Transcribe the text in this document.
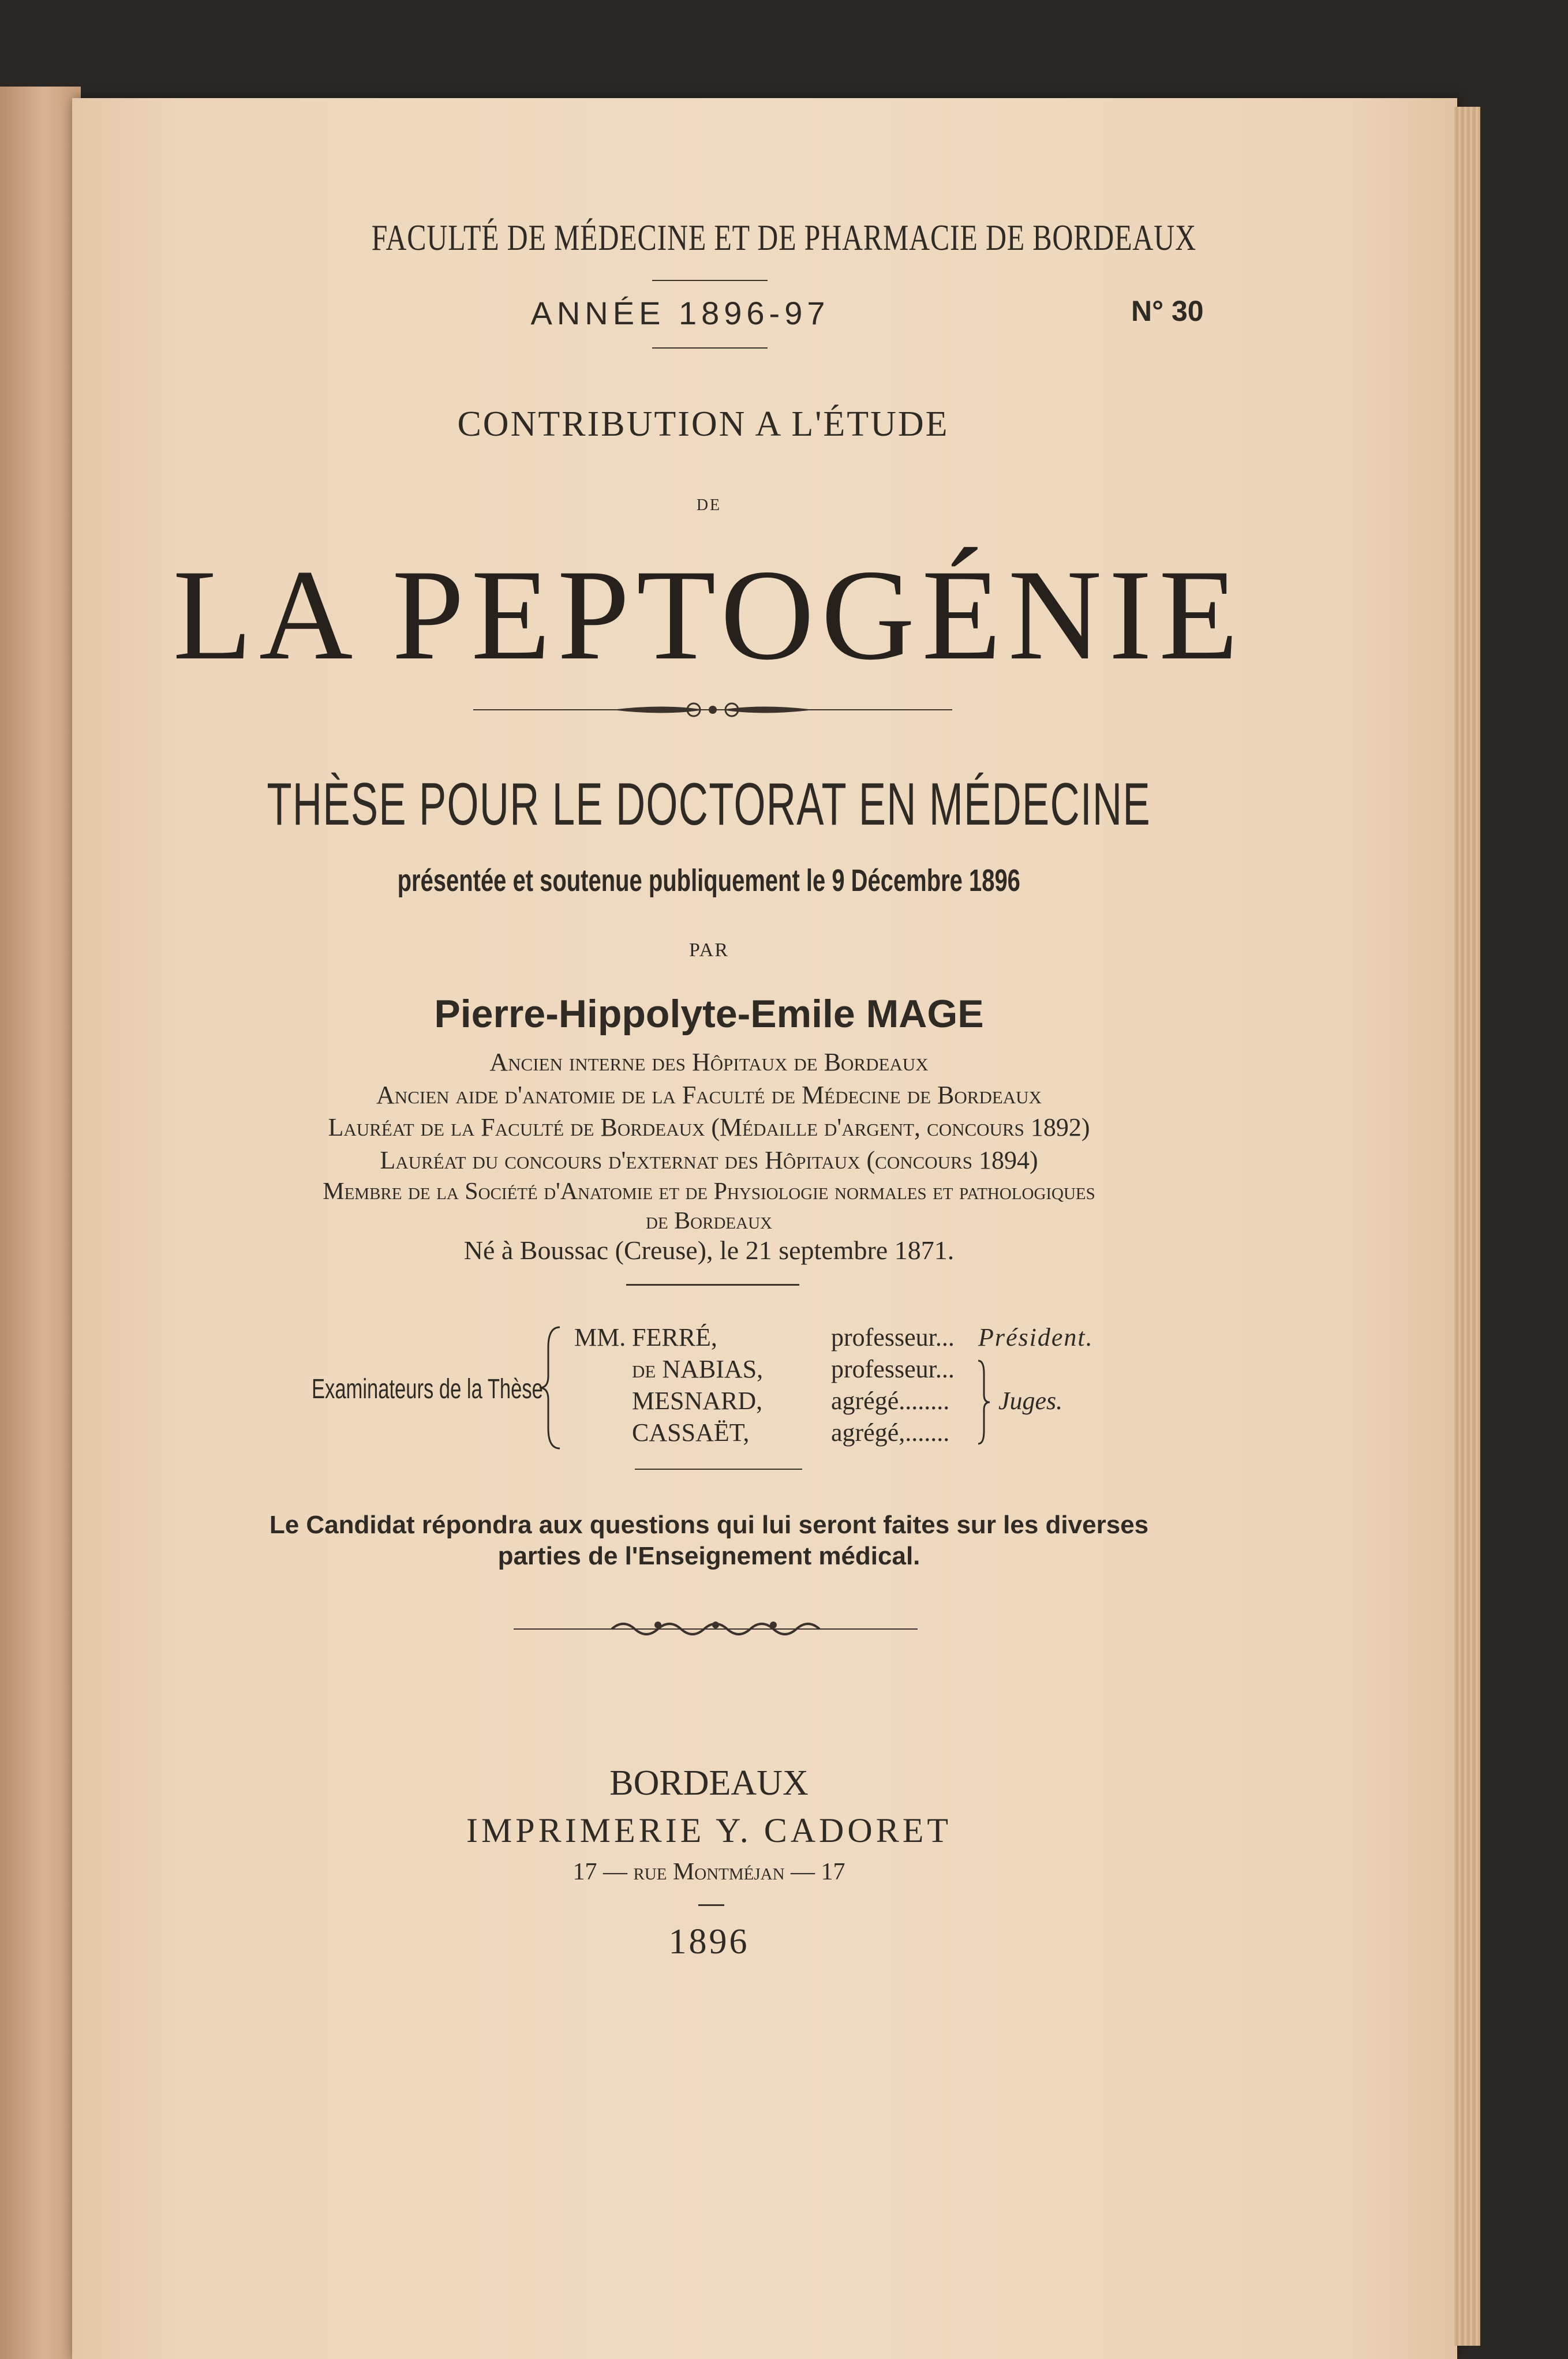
FACULTÉ DE MÉDECINE ET DE PHARMACIE DE BORDEAUX
ANNÉE 1896-97	N° 30
CONTRIBUTION A L'ÉTUDE
DE
LA PEPTOGÉNIE
THÈSE POUR LE DOCTORAT EN MÉDECINE
présentée et soutenue publiquement le 9 Décembre 1896
PAR
Pierre-Hippolyte-Emile MAGE
Ancien interne des Hôpitaux de Bordeaux
Ancien aide d'anatomie de la Faculté de Médecine de Bordeaux
Lauréat de la Faculté de Bordeaux (Médaille d'argent, concours 1892)
Lauréat du concours d'externat des Hôpitaux (concours 1894)
Membre de la Société d'Anatomie et de Physiologie normales et pathologiques
de Bordeaux
Né à Boussac (Creuse), le 21 septembre 1871.
Examinateurs de la Thèse
MM. FERRÉ,
de NABIAS,
MESNARD,
CASSAËT,
professeur...
professeur...
agrégé........
agrégé,.......
Président.
Juges.
Le Candidat répondra aux questions qui lui seront faites sur les diverses
parties de l'Enseignement médical.
BORDEAUX
IMPRIMERIE Y. CADORET
17 — rue Montméjan — 17
1896
